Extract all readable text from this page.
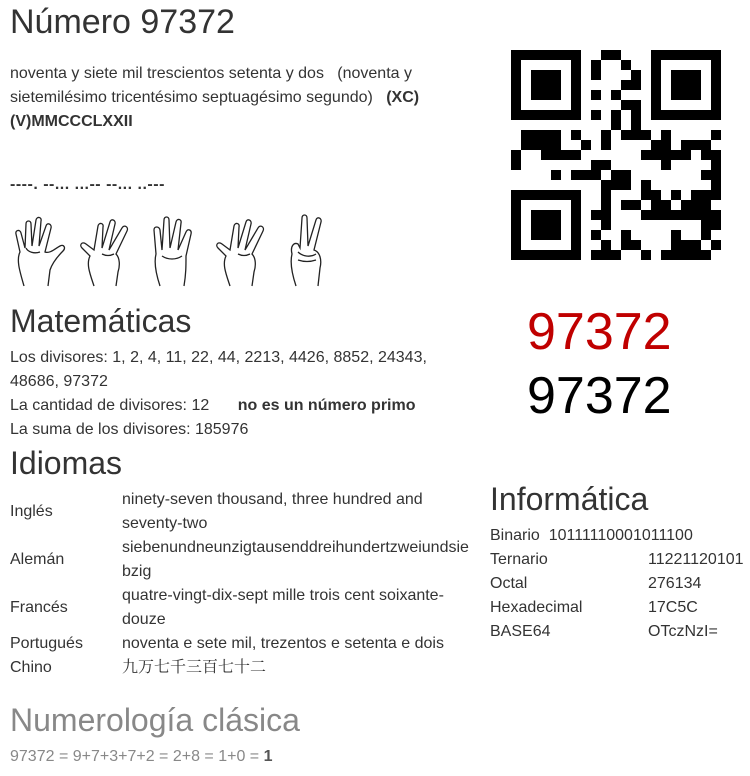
Número 97372
noventa y siete mil trescientos setenta y dos (noventa y sietemilésimo tricentésimo septuagésimo segundo) (XC)(V)MMCCCLXXII
----. --... ...-- --... ..---
97372
97372
Matemáticas
Los divisores: 1, 2, 4, 11, 22, 44, 2213, 4426, 8852, 24343, 48686, 97372
La cantidad de divisores: 12 no es un número primo
La suma de los divisores: 185976
Idiomas
Inglés	ninety-seven thousand, three hundred and seventy-two
Alemán	siebenundneunzigtausenddreihundertzweiundsiebzig
Francés	quatre-vingt-dix-sept mille trois cent soixante-douze
Portugués	noventa e sete mil, trezentos e setenta e dois
Chino	九万七千三百七十二
Informática
Binario 10111110001011100	
Ternario	11221120101
Octal	276134
Hexadecimal	17C5C
BASE64	OTczNzI=
Numerología clásica
97372 = 9+7+3+7+2 = 2+8 = 1+0 = 1
